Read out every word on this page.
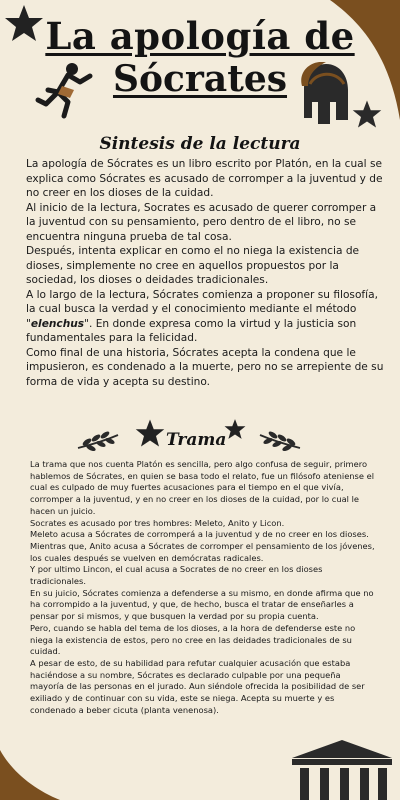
La apología de
Sócrates
Sintesis de la lectura

La apología de Sócrates es un libro escrito por Platón, en la cual se explica como Sócrates es acusado de corromper a la juventud y de no creer en los dioses de la cuidad.

Al inicio de la lectura, Socrates es acusado de querer corromper a la juventud con su pensamiento, pero dentro de el libro, no se encuentra ninguna prueba de tal cosa.

Después, intenta explicar en como el no niega la existencia de dioses, simplemente no cree en aquellos propuestos por la sociedad, los dioses o deidades tradicionales.

A lo largo de la lectura, Sócrates comienza a proponer su filosofía, la cual busca la verdad y el conocimiento mediante el método "elenchus". En donde expresa como la virtud y la justicia son fundamentales para la felicidad.

Como final de una historia, Sócrates acepta la condena que le impusieron, es condenado a la muerte, pero no se arrepiente de su forma de vida y acepta su destino.

Trama

La trama que nos cuenta Platón es sencilla, pero algo confusa de seguir, primero hablemos de Sócrates, en quien se basa todo el relato, fue un filósofo ateniense el cual es culpado de muy fuertes acusaciones para el tiempo en el que vivía, corromper a la juventud, y en no creer en los dioses de la cuidad, por lo cual le hacen un juicio.

Socrates es acusado por tres hombres: Meleto, Anito y Licon.

Meleto acusa a Sócrates de corromperá a la juventud y de no creer en los dioses. Mientras que, Anito acusa a Sócrates de corromper el pensamiento de los jóvenes, los cuales después se vuelven en demócratas radicales.

Y por ultimo Lincon, el cual acusa a Socrates de no creer en los dioses tradicionales.

En su juicio, Sócrates comienza a defenderse a su mismo, en donde afirma que no ha corrompido a la juventud, y que, de hecho, busca el tratar de enseñarles a pensar por si mismos, y que busquen la verdad por su propia cuenta.

Pero, cuando se habla del tema de los dioses, a la hora de defenderse este no niega la existencia de estos, pero no cree en las deidades tradicionales de su cuidad.

A pesar de esto, de su habilidad para refutar cualquier acusación que estaba haciéndose a su nombre, Sócrates es declarado culpable por una pequeña mayoría de las personas en el jurado. Aun siéndole ofrecida la posibilidad de ser exiliado y de continuar con su vida, este se niega. Acepta su muerte y es condenado a beber cicuta (planta venenosa).
